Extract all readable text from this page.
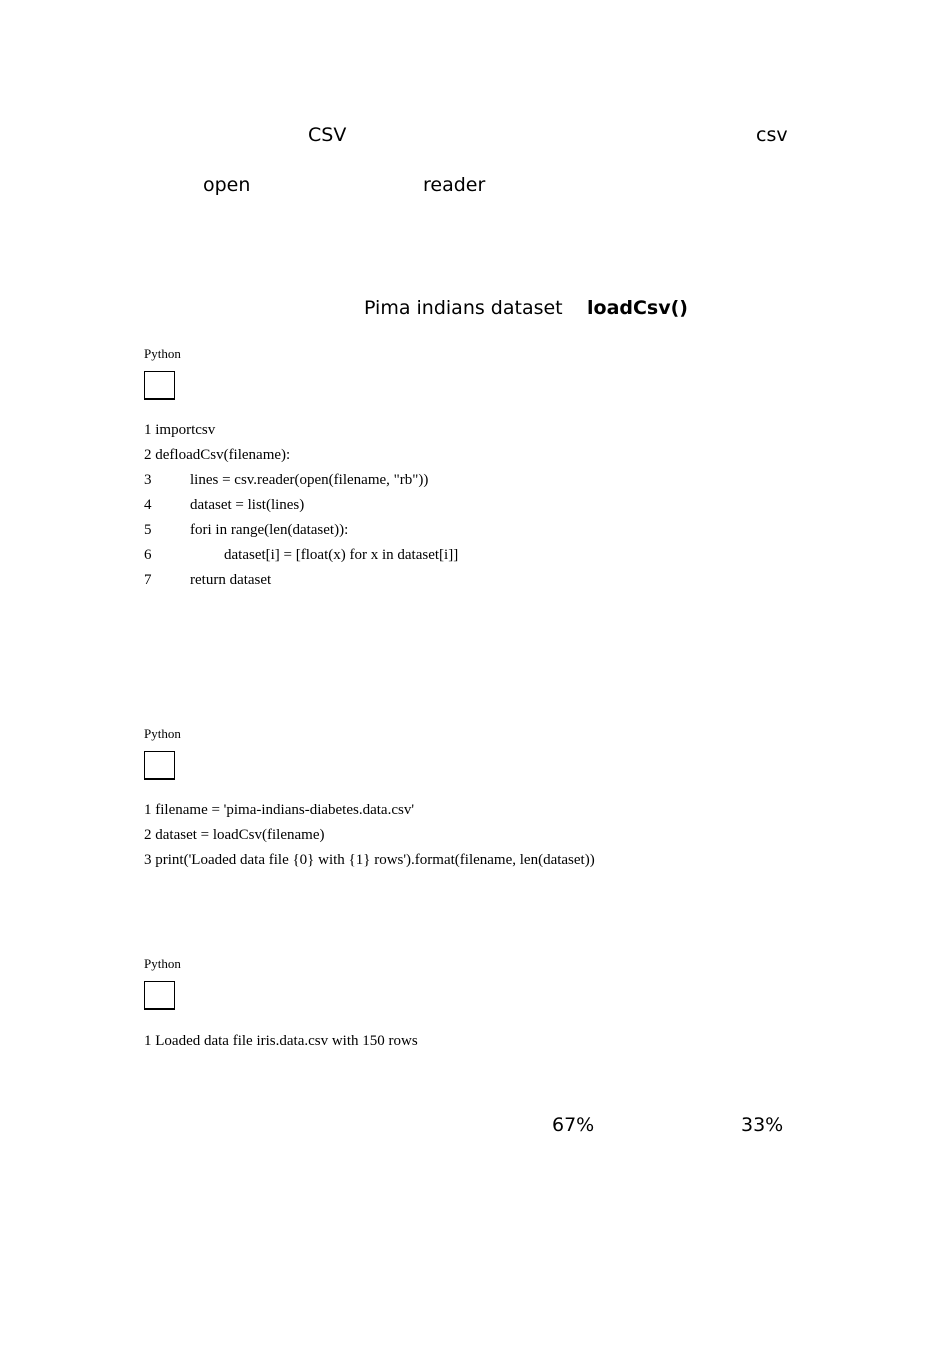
CSV	csv
open	reader
Pima indians dataset loadCsv()
Python
1 importcsv
2 defloadCsv(filename):
3	lines = csv.reader(open(filename, "rb"))
4	dataset = list(lines)
5	fori in range(len(dataset)):
6	dataset[i] = [float(x) for x in dataset[i]]
7	return dataset
Python
1 filename = 'pima-indians-diabetes.data.csv'
2 dataset = loadCsv(filename)
3 print('Loaded data file {0} with {1} rows').format(filename, len(dataset))
Python
1 Loaded data file iris.data.csv with 150 rows
67%	33%
